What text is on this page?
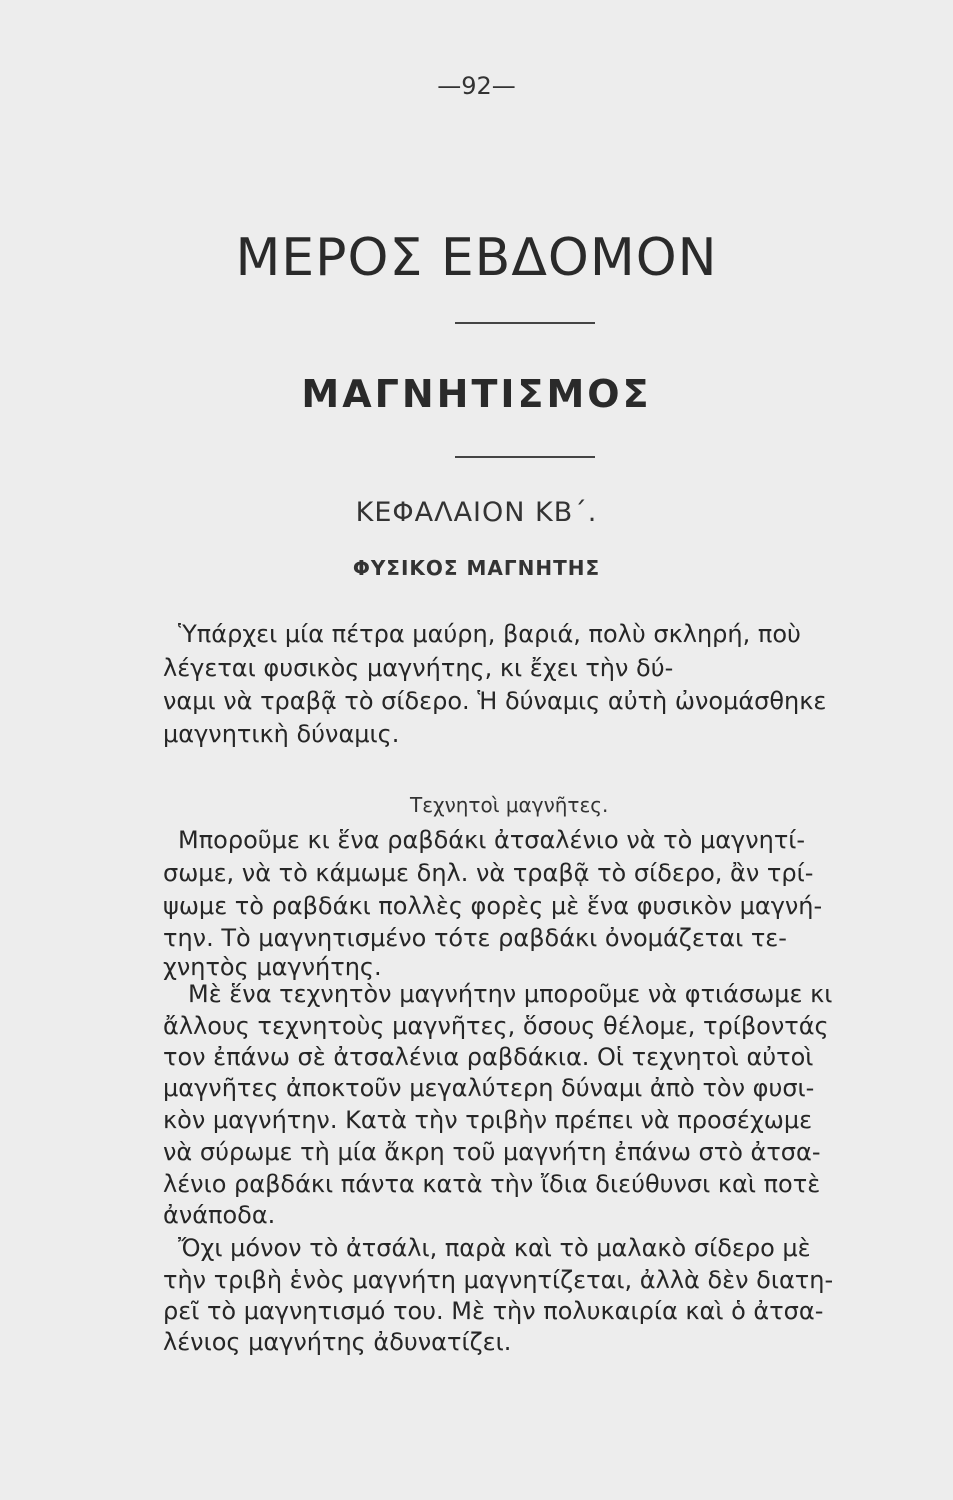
—92—
ΜΕΡΟΣ ΕΒΔΟΜΟΝ
ΜΑΓΝΗΤΙΣΜΟΣ
ΚΕΦΑΛΑΙΟΝ ΚΒ΄.
ΦΥΣΙΚΟΣ ΜΑΓΝΗΤΗΣ
Ὑπάρχει μία πέτρα μαύρη, βαριά, πολὺ σκληρή, ποὺ
λέγεται φυσικὸς μαγνήτης, κι ἔχει τὴν δύ-
ναμι νὰ τραβᾷ τὸ σίδερο. Ἡ δύναμις αὐτὴ ὠνομάσθηκε
μαγνητικὴ δύναμις.
Τεχνητοὶ μαγνῆτες.
Μποροῦμε κι ἕνα ραβδάκι ἀτσαλένιο νὰ τὸ μαγνητί-
σωμε, νὰ τὸ κάμωμε δηλ. νὰ τραβᾷ τὸ σίδερο, ἂν τρί-
ψωμε τὸ ραβδάκι πολλὲς φορὲς μὲ ἕνα φυσικὸν μαγνή-
την. Τὸ μαγνητισμένο τότε ραβδάκι ὀνομάζεται τε-
χνητὸς μαγνήτης.
Μὲ ἕνα τεχνητὸν μαγνήτην μποροῦμε νὰ φτιάσωμε κι
ἄλλους τεχνητοὺς μαγνῆτες, ὅσους θέλομε, τρίβοντάς
τον ἐπάνω σὲ ἀτσαλένια ραβδάκια. Οἱ τεχνητοὶ αὐτοὶ
μαγνῆτες ἀποκτοῦν μεγαλύτερη δύναμι ἀπὸ τὸν φυσι-
κὸν μαγνήτην. Κατὰ τὴν τριβὴν πρέπει νὰ προσέχωμε
νὰ σύρωμε τὴ μία ἄκρη τοῦ μαγνήτη ἐπάνω στὸ ἀτσα-
λένιο ραβδάκι πάντα κατὰ τὴν ἴδια διεύθυνσι καὶ ποτὲ
ἀνάποδα.
Ὄχι μόνον τὸ ἀτσάλι, παρὰ καὶ τὸ μαλακὸ σίδερο μὲ
τὴν τριβὴ ἑνὸς μαγνήτη μαγνητίζεται, ἀλλὰ δὲν διατη-
ρεῖ τὸ μαγνητισμό του. Μὲ τὴν πολυκαιρία καὶ ὁ ἀτσα-
λένιος μαγνήτης ἀδυνατίζει.
